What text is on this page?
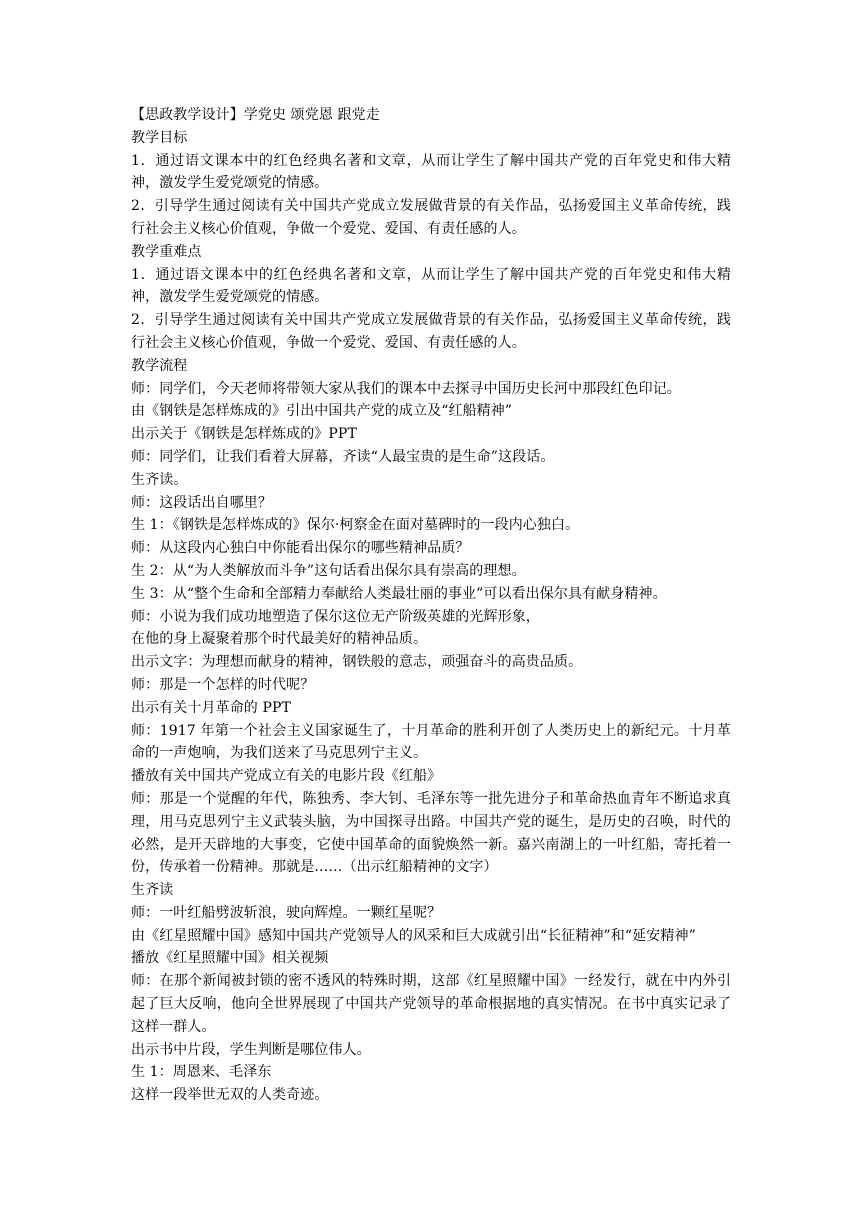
【思政教学设计】学党史 颂党恩 跟党走

教学目标

1．通过语文课本中的红色经典名著和文章，从而让学生了解中国共产党的百年党史和伟大精神，激发学生爱党颂党的情感。

2．引导学生通过阅读有关中国共产党成立发展做背景的有关作品，弘扬爱国主义革命传统，践行社会主义核心价值观，争做一个爱党、爱国、有责任感的人。

教学重难点

1．通过语文课本中的红色经典名著和文章，从而让学生了解中国共产党的百年党史和伟大精神，激发学生爱党颂党的情感。

2．引导学生通过阅读有关中国共产党成立发展做背景的有关作品，弘扬爱国主义革命传统，践行社会主义核心价值观，争做一个爱党、爱国、有责任感的人。

教学流程

师：同学们，今天老师将带领大家从我们的课本中去探寻中国历史长河中那段红色印记。

由《钢铁是怎样炼成的》引出中国共产党的成立及“红船精神”

出示关于《钢铁是怎样炼成的》PPT

师：同学们，让我们看着大屏幕，齐读“人最宝贵的是生命”这段话。

生齐读。

师：这段话出自哪里？

生 1：《钢铁是怎样炼成的》保尔·柯察金在面对墓碑时的一段内心独白。

师：从这段内心独白中你能看出保尔的哪些精神品质？

生 2：从“为人类解放而斗争”这句话看出保尔具有崇高的理想。

生 3：从“整个生命和全部精力奉献给人类最壮丽的事业”可以看出保尔具有献身精神。

师：小说为我们成功地塑造了保尔这位无产阶级英雄的光辉形象，

在他的身上凝聚着那个时代最美好的精神品质。

出示文字：为理想而献身的精神，钢铁般的意志，顽强奋斗的高贵品质。

师：那是一个怎样的时代呢？

出示有关十月革命的 PPT

师：1917 年第一个社会主义国家诞生了，十月革命的胜利开创了人类历史上的新纪元。十月革命的一声炮响，为我们送来了马克思列宁主义。

播放有关中国共产党成立有关的电影片段《红船》

师：那是一个觉醒的年代，陈独秀、李大钊、毛泽东等一批先进分子和革命热血青年不断追求真理，用马克思列宁主义武装头脑，为中国探寻出路。中国共产党的诞生，是历史的召唤，时代的必然，是开天辟地的大事变，它使中国革命的面貌焕然一新。嘉兴南湖上的一叶红船，寄托着一份，传承着一份精神。那就是……（出示红船精神的文字）

生齐读

师：一叶红船劈波斩浪，驶向辉煌。一颗红星呢？

由《红星照耀中国》感知中国共产党领导人的风采和巨大成就引出“长征精神”和“延安精神”

播放《红星照耀中国》相关视频

师：在那个新闻被封锁的密不透风的特殊时期，这部《红星照耀中国》一经发行，就在中内外引起了巨大反响，他向全世界展现了中国共产党领导的革命根据地的真实情况。在书中真实记录了这样一群人。

出示书中片段，学生判断是哪位伟人。

生 1：周恩来、毛泽东

这样一段举世无双的人类奇迹。
